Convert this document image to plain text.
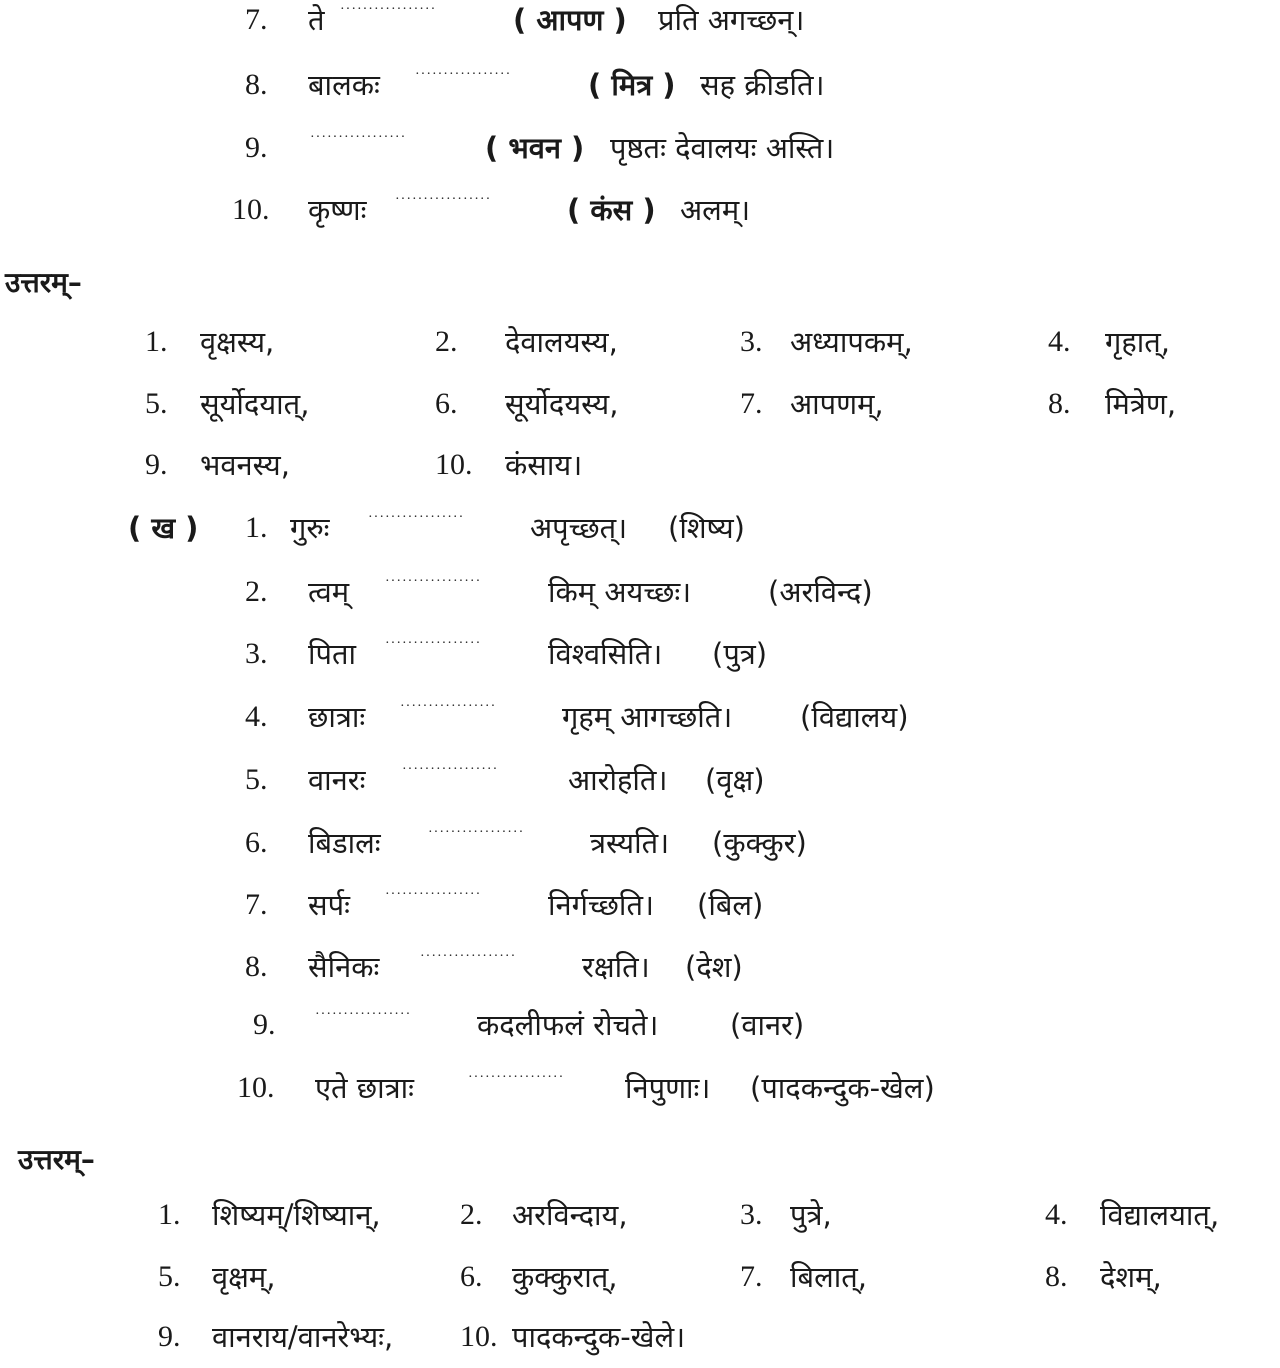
7. ते ·················	( आपण ) प्रति अगच्छन्।
8. बालकः	·················	( मित्र ) सह क्रीडति।
9.	·················	( भवन ) पृष्ठतः देवालयः अस्ति।
10. कृष्णः ·················	( कंस ) अलम्।
उत्तरम्–
1. वृक्षस्य,	2. देवालयस्य,	3. अध्यापकम्,	4. गृहात्,
5. सूर्योदयात्,	6. सूर्योदयस्य,	7. आपणम्,	8. मित्रेण,
9. भवनस्य,	10. कंसाय।
( ख ) 1. गुरुः	················· अपृच्छत्। (शिष्य)
2. त्वम्	················· किम् अयच्छः।	(अरविन्द)
3. पिता ················· विश्वसिति। (पुत्र)
4. छात्राः ················· गृहम् आगच्छति। (विद्यालय)
5. वानरः	················· आरोहति। (वृक्ष)
6. बिडालः	················· त्रस्यति। (कुक्कुर)
7. सर्पः	················· निर्गच्छति। (बिल)
8. सैनिकः	················· रक्षति। (देश)
9.	················· कदलीफलं रोचते। (वानर)
10. एते छात्राः	················· निपुणाः। (पादकन्दुक-खेल)
उत्तरम्–
1. शिष्यम्/शिष्यान्,	2. अरविन्दाय,	3. पुत्रे,	4. विद्यालयात्,
5. वृक्षम्,	6. कुक्कुरात्,	7. बिलात्,	8. देशम्,
9. वानराय/वानरेभ्यः, 10. पादकन्दुक-खेले।
